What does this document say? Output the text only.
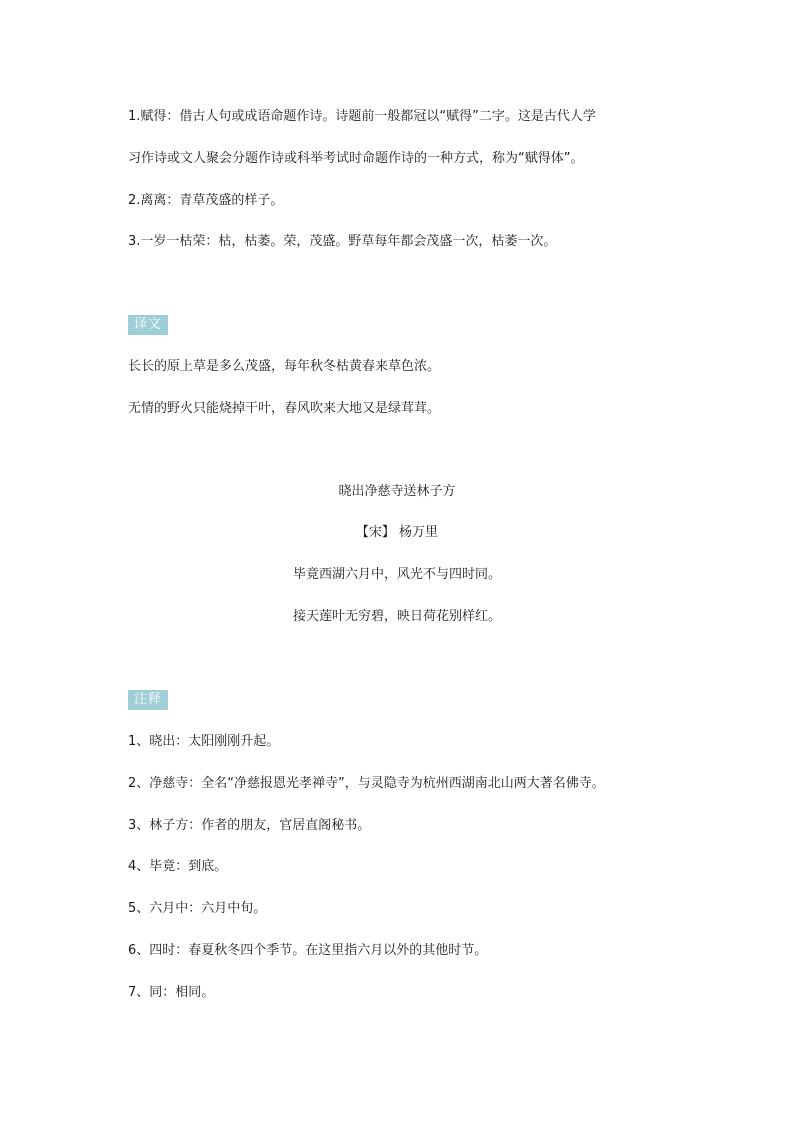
1.赋得：借古人句或成语命题作诗。诗题前一般都冠以“赋得”二字。这是古代人学
习作诗或文人聚会分题作诗或科举考试时命题作诗的一种方式，称为“赋得体”。
2.离离：青草茂盛的样子。
3.一岁一枯荣：枯，枯萎。荣，茂盛。野草每年都会茂盛一次，枯萎一次。
译文
长长的原上草是多么茂盛，每年秋冬枯黄春来草色浓。
无情的野火只能烧掉干叶，春风吹来大地又是绿茸茸。
晓出净慈寺送林子方
【宋】 杨万里
毕竟西湖六月中，风光不与四时同。
接天莲叶无穷碧，映日荷花别样红。
注释
1、晓出：太阳刚刚升起。
2、净慈寺：全名“净慈报恩光孝禅寺”，与灵隐寺为杭州西湖南北山两大著名佛寺。
3、林子方：作者的朋友，官居直阁秘书。
4、毕竟：到底。
5、六月中：六月中旬。
6、四时：春夏秋冬四个季节。在这里指六月以外的其他时节。
7、同：相同。
